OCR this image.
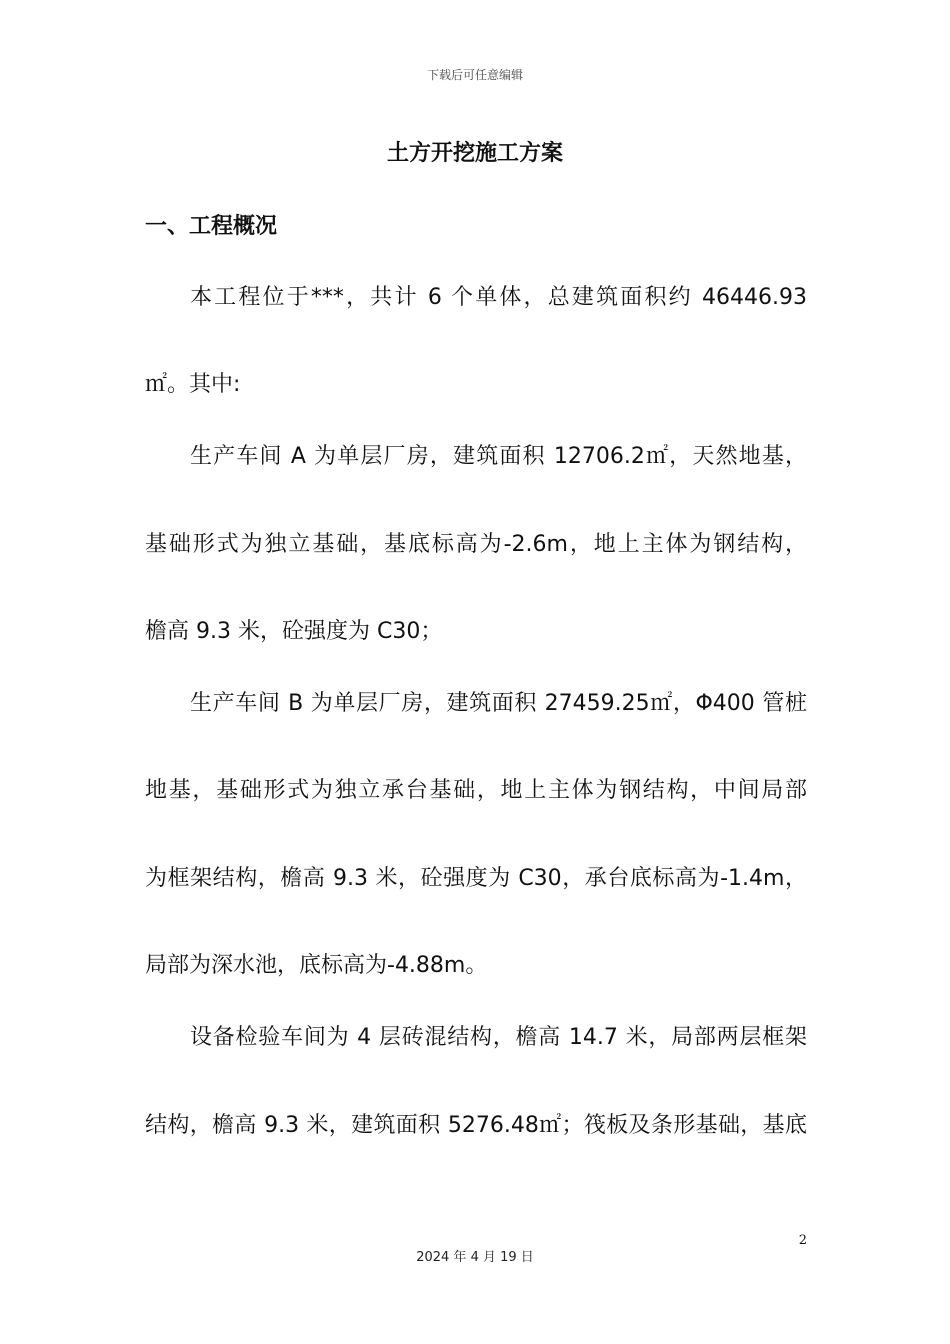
下载后可任意编辑
土方开挖施工方案
一、工程概况

本工程位于***，共计 6 个单体，总建筑面积约 46446.93

㎡。其中:

生产车间 A 为单层厂房，建筑面积 12706.2㎡，天然地基，

基础形式为独立基础，基底标高为-2.6m，地上主体为钢结构，

檐高 9.3 米，砼强度为 C30；

生产车间 B 为单层厂房，建筑面积 27459.25㎡，Φ400 管桩

地基，基础形式为独立承台基础，地上主体为钢结构，中间局部

为框架结构，檐高 9.3 米，砼强度为 C30，承台底标高为-1.4m，

局部为深水池，底标高为-4.88m。

设备检验车间为 4 层砖混结构，檐高 14.7 米，局部两层框架

结构，檐高 9.3 米，建筑面积 5276.48㎡；筏板及条形基础，基底

2
2024 年 4 月 19 日
